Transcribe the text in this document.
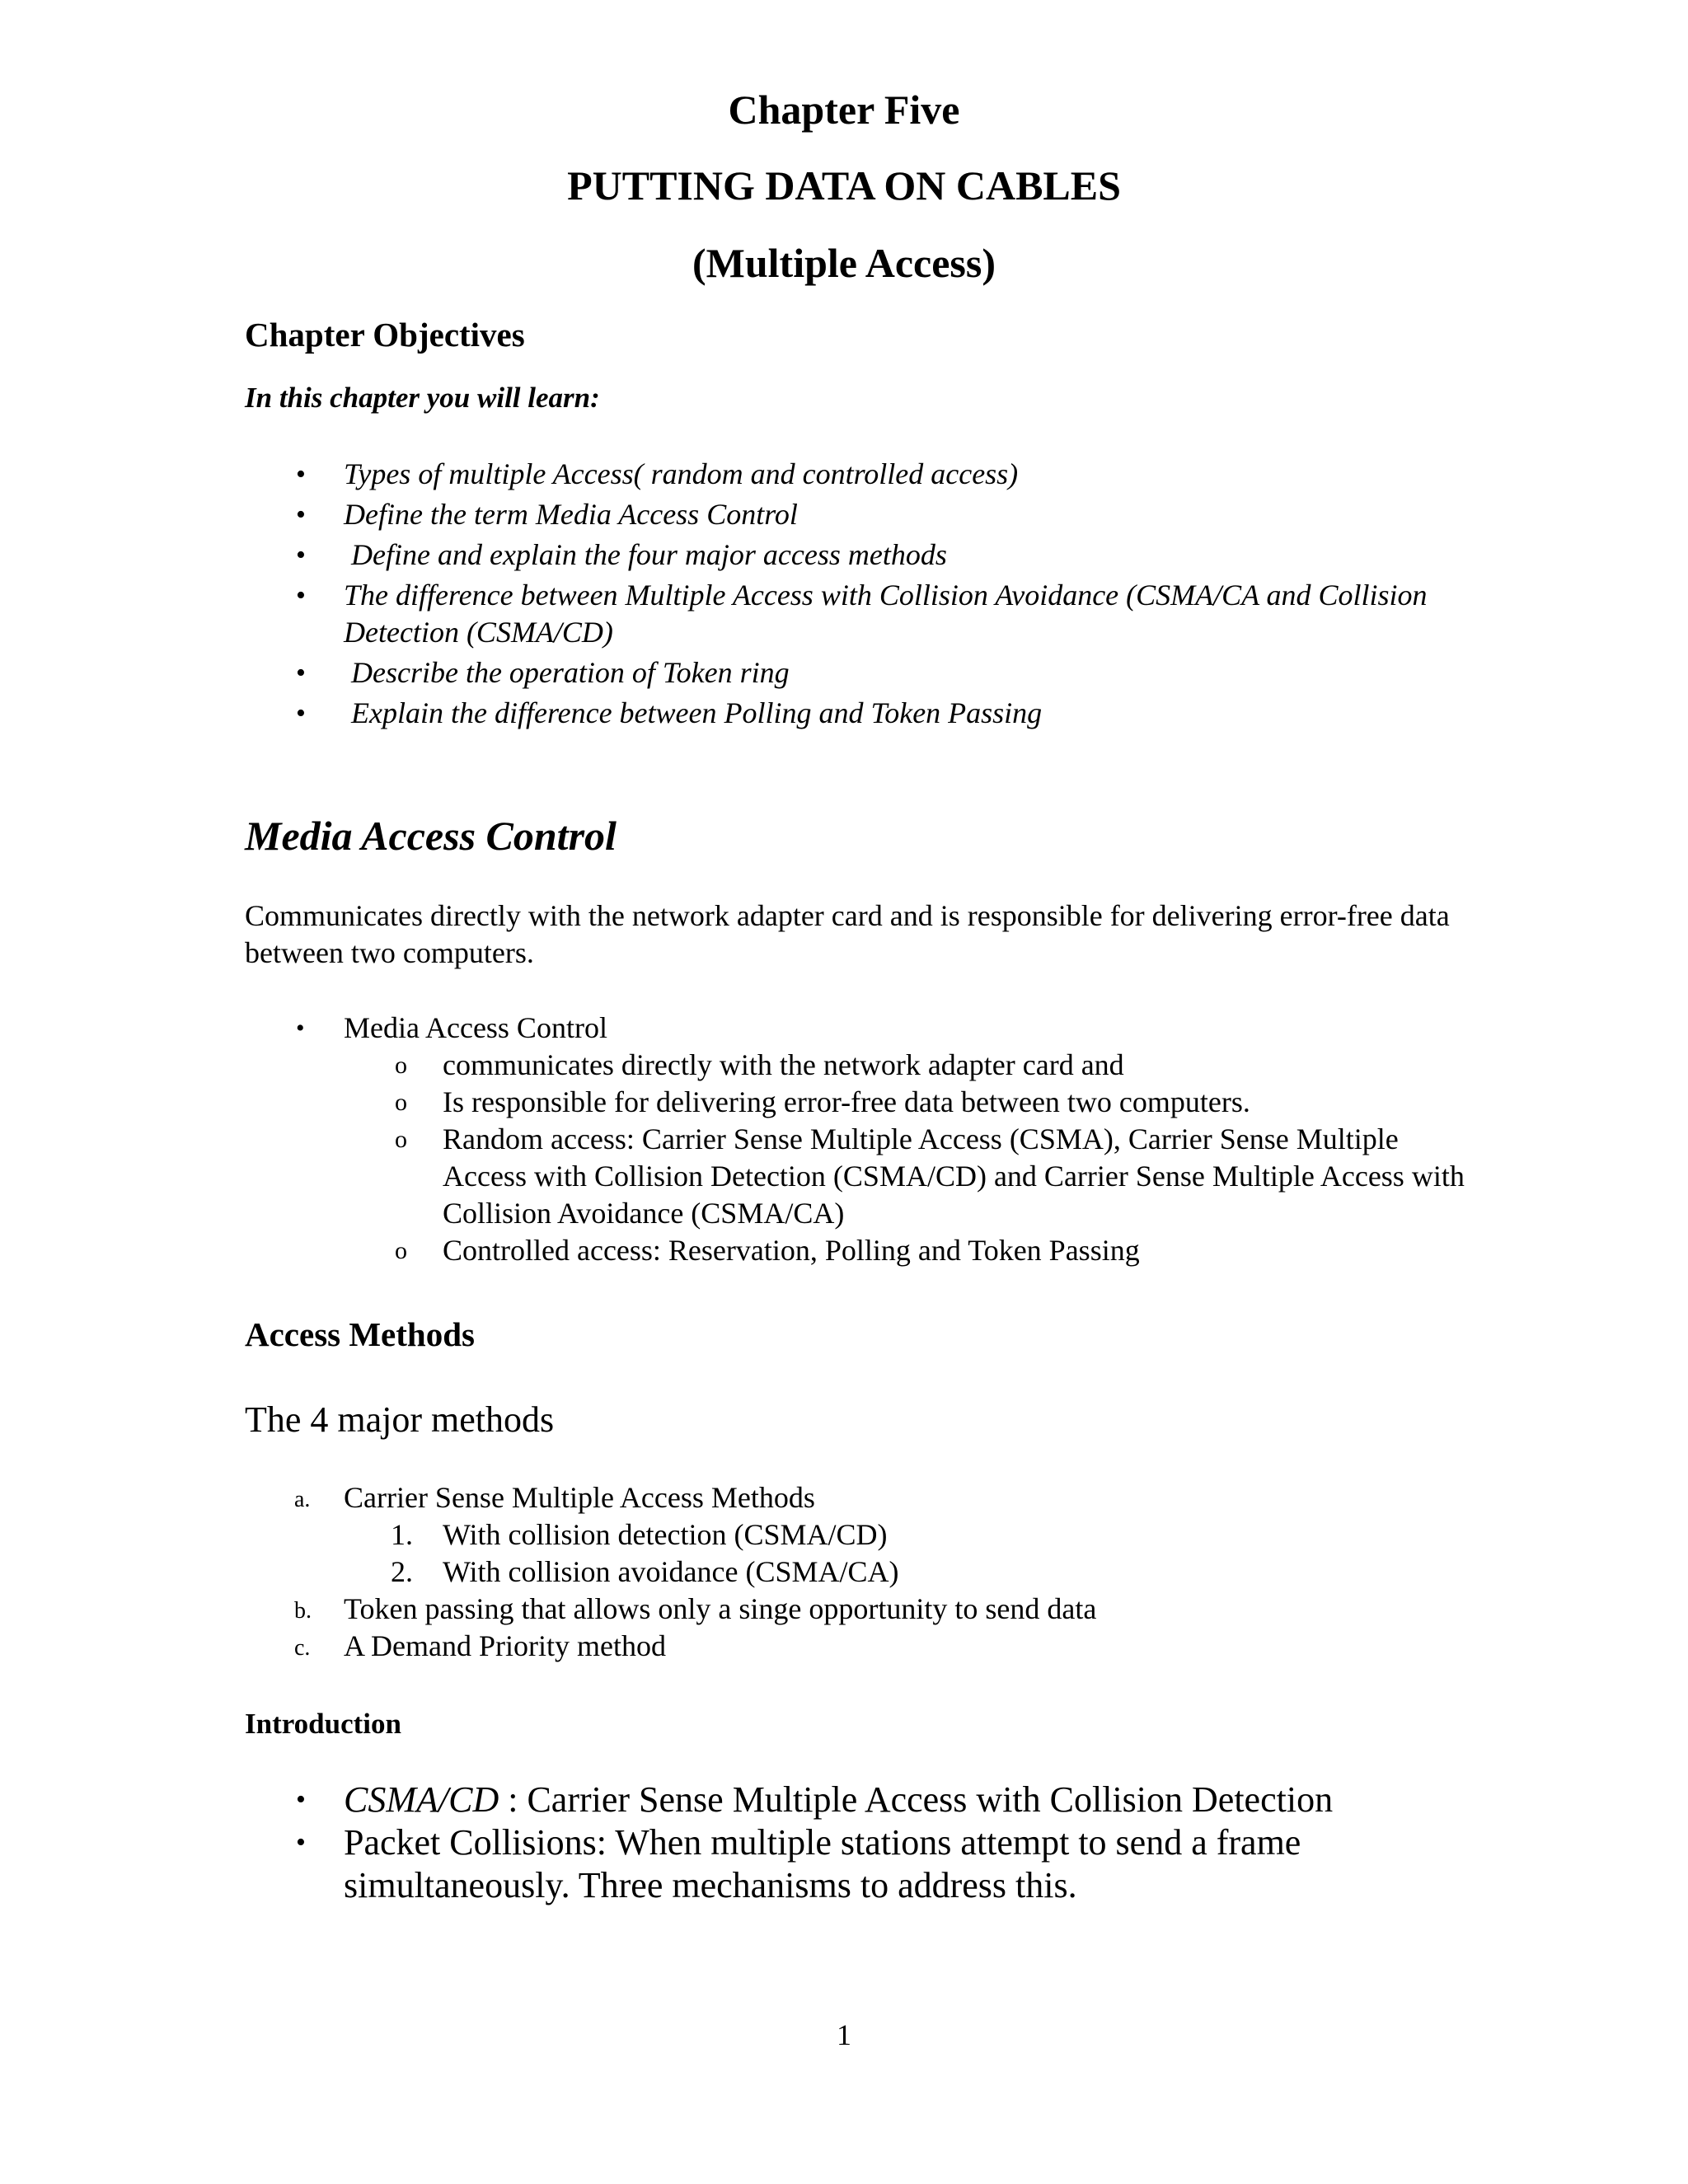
Chapter Five
PUTTING DATA ON CABLES
(Multiple Access)
Chapter Objectives
In this chapter you will learn:
• Types of multiple Access( random and controlled access)
• Define the term Media Access Control
• Define and explain the four major access methods
• The difference between Multiple Access with Collision Avoidance (CSMA/CA and Collision Detection (CSMA/CD)
• Describe the operation of Token ring
• Explain the difference between Polling and Token Passing
Media Access Control
Communicates directly with the network adapter card and is responsible for delivering error-free data between two computers.
• Media Access Control
o communicates directly with the network adapter card and
o Is responsible for delivering error-free data between two computers.
o Random access: Carrier Sense Multiple Access (CSMA), Carrier Sense Multiple Access with Collision Detection (CSMA/CD) and Carrier Sense Multiple Access with Collision Avoidance (CSMA/CA)
o Controlled access: Reservation, Polling and Token Passing
Access Methods
The 4 major methods
a. Carrier Sense Multiple Access Methods
1. With collision detection (CSMA/CD)
2. With collision avoidance (CSMA/CA)
b. Token passing that allows only a singe opportunity to send data
c. A Demand Priority method
Introduction
• CSMA/CD : Carrier Sense Multiple Access with Collision Detection
• Packet Collisions: When multiple stations attempt to send a frame simultaneously. Three mechanisms to address this.
1
